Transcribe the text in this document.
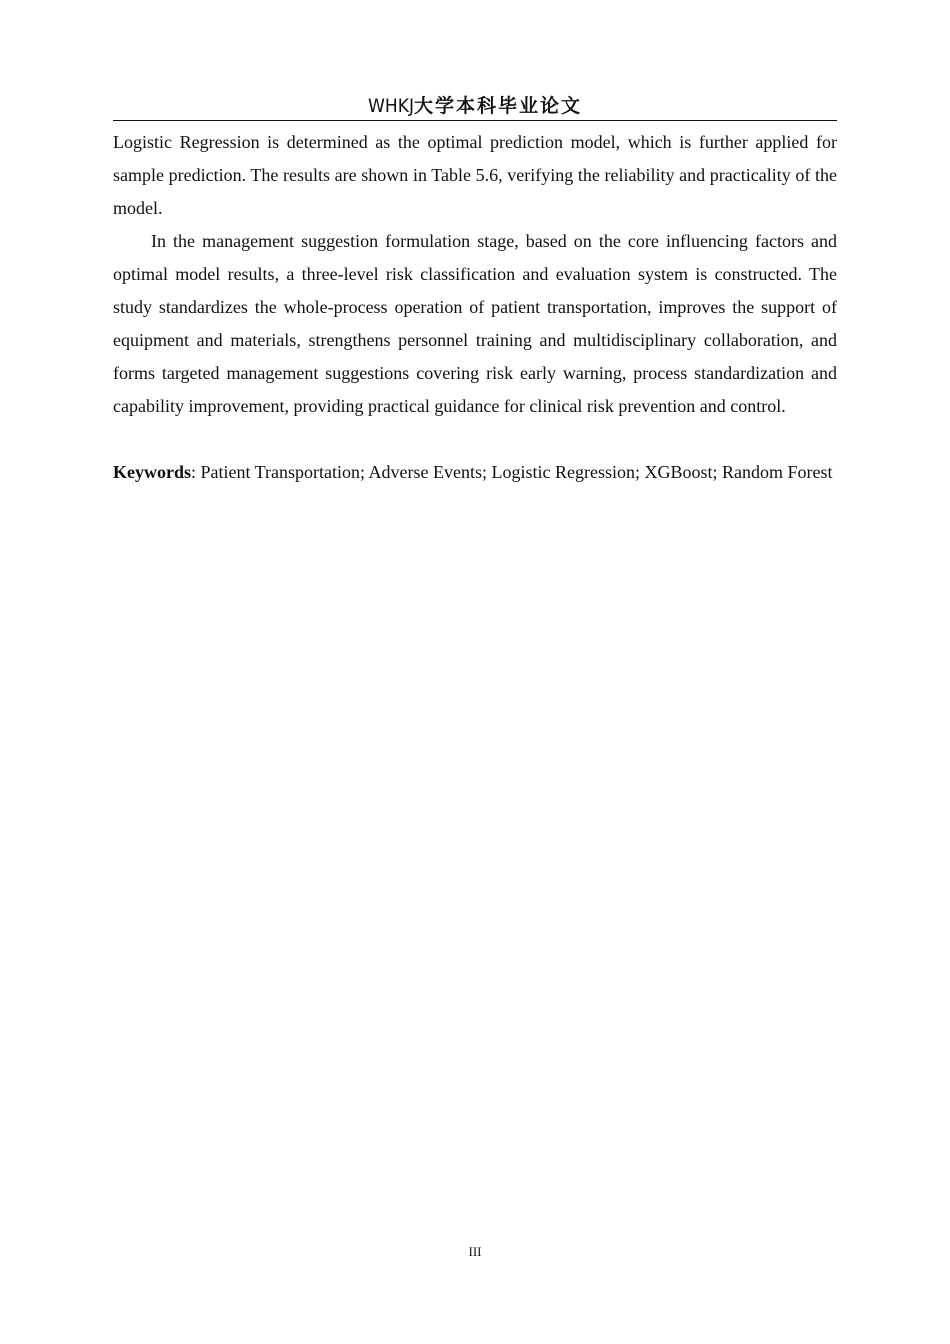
WHKJ大学本科毕业论文

Logistic Regression is determined as the optimal prediction model, which is further applied for sample prediction. The results are shown in Table 5.6, verifying the reliability and practicality of the model.

In the management suggestion formulation stage, based on the core influencing factors and optimal model results, a three-level risk classification and evaluation system is constructed. The study standardizes the whole-process operation of patient transportation, improves the support of equipment and materials, strengthens personnel training and multidisciplinary collaboration, and forms targeted management suggestions covering risk early warning, process standardization and capability improvement, providing practical guidance for clinical risk prevention and control.

Keywords: Patient Transportation; Adverse Events; Logistic Regression; XGBoost; Random Forest

III
